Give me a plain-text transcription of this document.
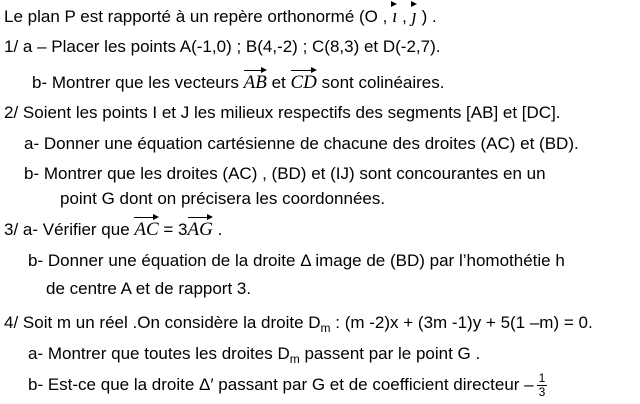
Le plan P est rapporté à un repère orthonormé (O , ı , ȷ ) .
1/ a – Placer les points A(-1,0) ; B(4,-2) ; C(8,3) et D(-2,7).
b- Montrer que les vecteurs AB et CD sont colinéaires.
2/ Soient les points I et J les milieux respectifs des segments [AB] et [DC].
a- Donner une équation cartésienne de chacune des droites (AC) et (BD).
b- Montrer que les droites (AC) , (BD) et (IJ) sont concourantes en un
point G dont on précisera les coordonnées.
3/ a- Vérifier que AC = 3AG .
b- Donner une équation de la droite Δ image de (BD) par l’homothétie h
de centre A et de rapport 3.
4/ Soit m un réel .On considère la droite $D_m$ : (m -2)x + (3m -1)y + 5(1 –m) = 0.
a- Montrer que toutes les droites $D_m$ passent par le point G .
b- Est-ce que la droite Δ′ passant par G et de coefficient directeur – $\frac{1}{3}$
